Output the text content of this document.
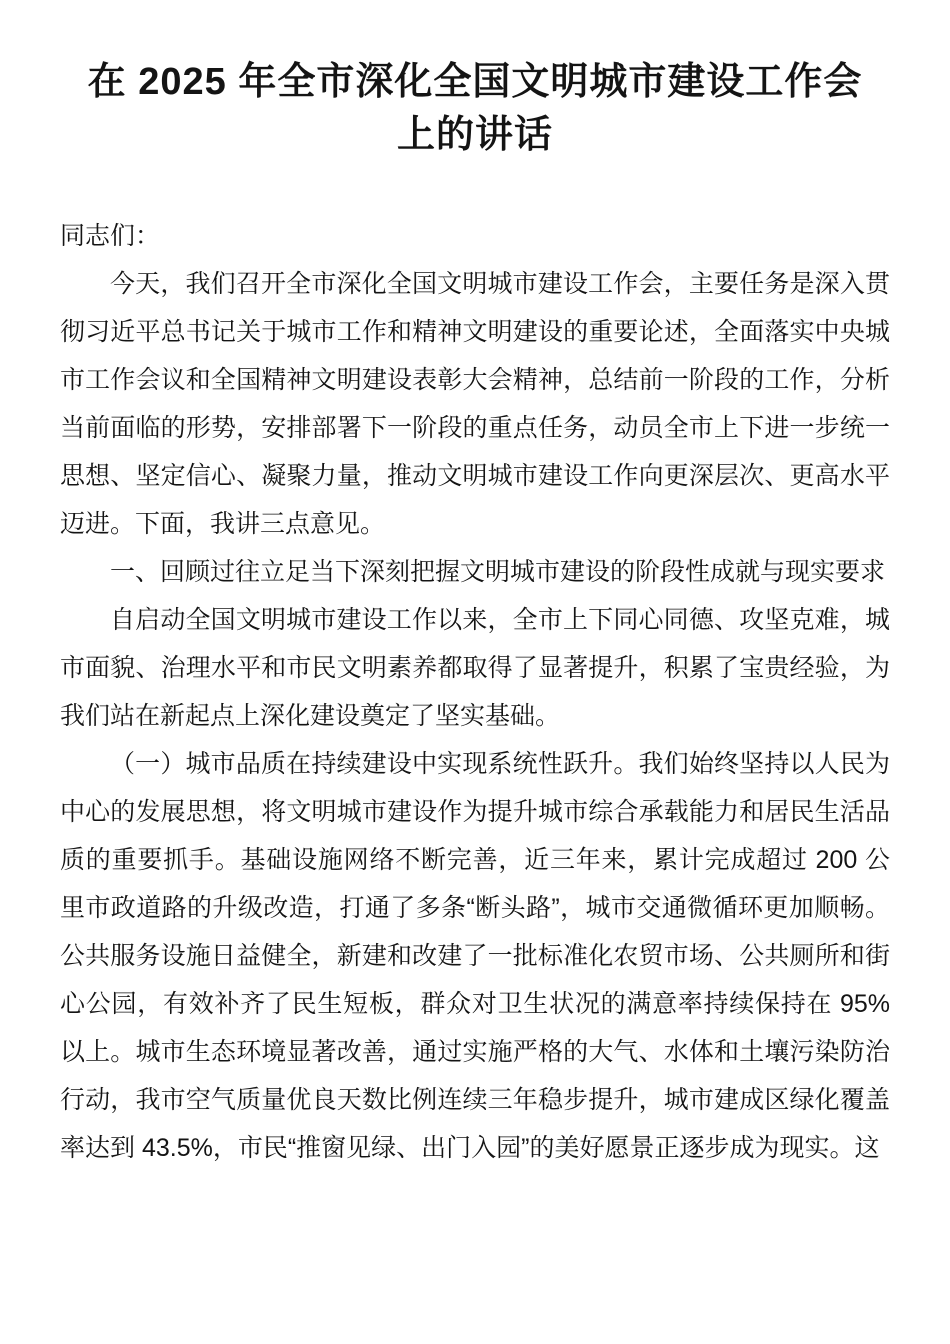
在 2025 年全市深化全国文明城市建设工作会上的讲话

同志们：

今天，我们召开全市深化全国文明城市建设工作会，主要任务是深入贯彻习近平总书记关于城市工作和精神文明建设的重要论述，全面落实中央城市工作会议和全国精神文明建设表彰大会精神，总结前一阶段的工作，分析当前面临的形势，安排部署下一阶段的重点任务，动员全市上下进一步统一思想、坚定信心、凝聚力量，推动文明城市建设工作向更深层次、更高水平迈进。下面，我讲三点意见。

一、回顾过往立足当下深刻把握文明城市建设的阶段性成就与现实要求

自启动全国文明城市建设工作以来，全市上下同心同德、攻坚克难，城市面貌、治理水平和市民文明素养都取得了显著提升，积累了宝贵经验，为我们站在新起点上深化建设奠定了坚实基础。

（一）城市品质在持续建设中实现系统性跃升。我们始终坚持以人民为中心的发展思想，将文明城市建设作为提升城市综合承载能力和居民生活品质的重要抓手。基础设施网络不断完善，近三年来，累计完成超过 200 公里市政道路的升级改造，打通了多条“断头路”，城市交通微循环更加顺畅。公共服务设施日益健全，新建和改建了一批标准化农贸市场、公共厕所和街心公园，有效补齐了民生短板，群众对卫生状况的满意率持续保持在 95%以上。城市生态环境显著改善，通过实施严格的大气、水体和土壤污染防治行动，我市空气质量优良天数比例连续三年稳步提升，城市建成区绿化覆盖率达到 43.5%，市民“推窗见绿、出门入园”的美好愿景正逐步成为现实。这
